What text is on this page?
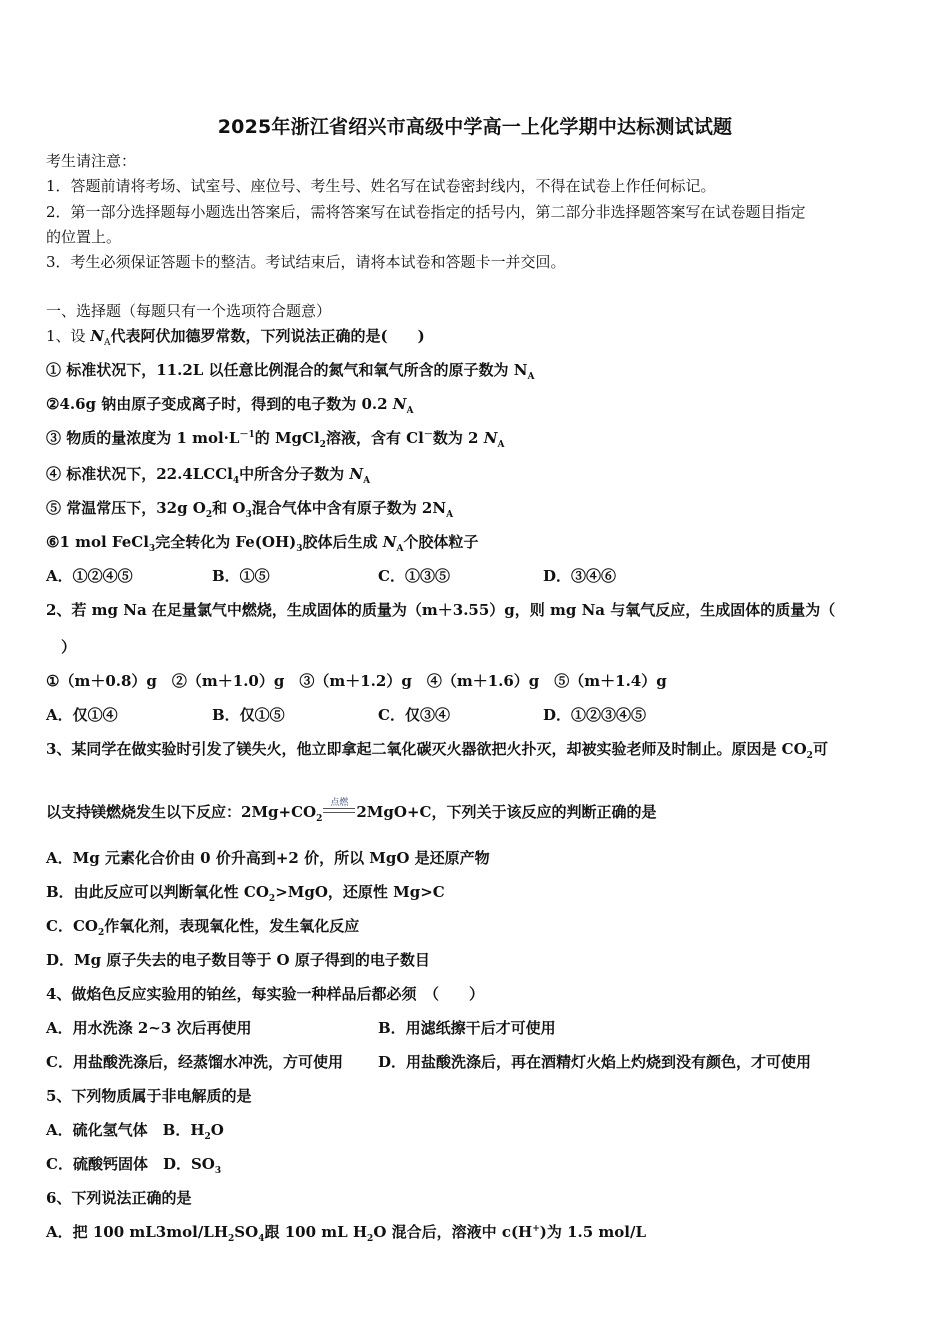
2025年浙江省绍兴市高级中学高一上化学期中达标测试试题
考生请注意：
1．答题前请将考场、试室号、座位号、考生号、姓名写在试卷密封线内，不得在试卷上作任何标记。
2．第一部分选择题每小题选出答案后，需将答案写在试卷指定的括号内，第二部分非选择题答案写在试卷题目指定
的位置上。
3．考生必须保证答题卡的整洁。考试结束后，请将本试卷和答题卡一并交回。
一、选择题（每题只有一个选项符合题意）
1、设 $N_A$代表阿伏加德罗常数，下列说法正确的是(　　)
① 标准状况下，11.2L 以任意比例混合的氮气和氧气所含的原子数为 $N_A$
②4.6g 钠由原子变成离子时，得到的电子数为 0.2 $N_A$
③ 物质的量浓度为 1 $mol\cdot L^{-1}$的 MgCl$_2$溶液，含有 Cl－数为 2 $N_A$
④ 标准状况下，22.4LCCl$_4$中所含分子数为 $N_A$
⑤ 常温常压下，32g $O_2$和 $O_3$混合气体中含有原子数为 $2N_A$
⑥1 mol FeCl$_3$完全转化为 $Fe(OH)_3$胶体后生成 $N_A$个胶体粒子
A．①②④⑤	B．①⑤	C．①③⑤	D．③④⑥
2、若 mg Na 在足量氯气中燃烧，生成固体的质量为（m＋3.55）g，则 mg Na 与氧气反应，生成固体的质量为（
　）
①（m＋0.8）g　②（m＋1.0）g　③（m＋1.2）g　④（m＋1.6）g　⑤（m＋1.4）g
A．仅①④	B．仅①⑤	C．仅③④	D．①②③④⑤
3、某同学在做实验时引发了镁失火，他立即拿起二氧化碳灭火器欲把火扑灭，却被实验老师及时制止。原因是 $CO_2$可
以支持镁燃烧发生以下反应：$2Mg+CO_2$
点燃 2MgO+C，下列关于该反应的判断正确的是
A．Mg 元素化合价由 0 价升高到+2 价，所以 MgO 是还原产物
B．由此反应可以判断氧化性 $CO_2>MgO$，还原性 Mg>C
C．$CO_2$作氧化剂，表现氧化性，发生氧化反应
D．Mg 原子失去的电子数目等于 O 原子得到的电子数目
4、做焰色反应实验用的铂丝，每实验一种样品后都必须　（　　）
A．用水洗涤 2~3 次后再使用	B．用滤纸擦干后才可使用
C．用盐酸洗涤后，经蒸馏水冲洗，方可使用 D．用盐酸洗涤后，再在酒精灯火焰上灼烧到没有颜色，才可使用
5、下列物质属于非电解质的是
A．硫化氢气体　B．$H_2O$
C．硫酸钙固体　D．$SO_3$
6、下列说法正确的是
A．把 100 $mL3mol/LH_2SO_4$跟 100 mL $H_2O$ 混合后，溶液中 c(H+)为 1.5 mol/L
